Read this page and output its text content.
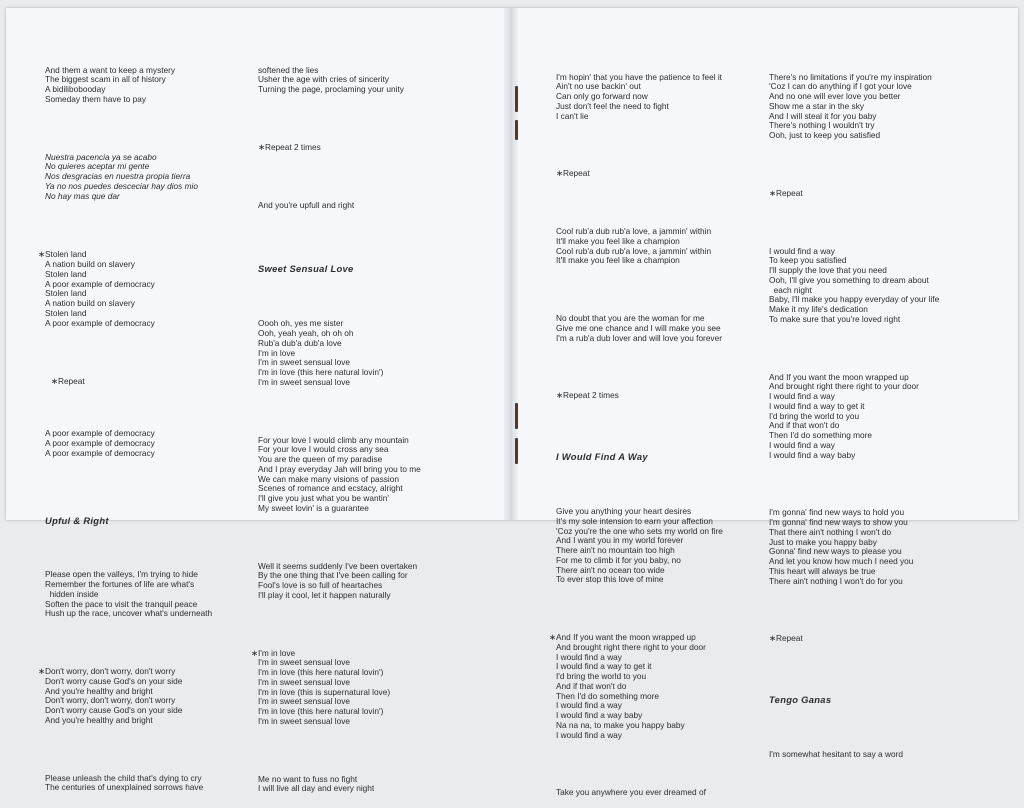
And them a want to keep a mystery
The biggest scam in all of history
A bidilibobooday
Someday them have to pay

Nuestra pacencia ya se acabo
No quieres aceptar mi gente
Nos desgracias en nuestra propia tierra
Ya no nos puedes desceciar hay dios mio
No hay mas que dar

∗ Stolen land
A nation build on slavery
Stolen land
A poor example of democracy
Stolen land
A nation build on slavery
Stolen land
A poor example of democracy

∗Repeat

A poor example of democracy
A poor example of democracy
A poor example of democracy

Upful & Right

Please open the valleys, I'm trying to hide
Remember the fortunes of life are what's
hidden inside
Soften the pace to visit the tranquil peace
Hush up the race, uncover what's underneath

∗ Don't worry, don't worry, don't worry
Don't worry cause God's on your side
And you're healthy and bright
Don't worry, don't worry, don't worry
Don't worry cause God's on your side
And you're healthy and bright

Please unleash the child that's dying to cry
The centuries of unexplained sorrows have

softened the lies
Usher the age with cries of sincerity
Turning the page, proclaming your unity

∗Repeat 2 times

And you're upfull and right

Sweet Sensual Love

Oooh oh, yes me sister
Ooh, yeah yeah, oh oh oh
Rub'a dub'a dub'a love
I'm in love
I'm in sweet sensual love
I'm in love (this here natural lovin')
I'm in sweet sensual love

For your love I would climb any mountain
For your love I would cross any sea
You are the queen of my paradise
And I pray everyday Jah will bring you to me
We can make many visions of passion
Scenes of romance and ecstacy, alright
I'll give you just what you be wantin'
My sweet lovin' is a guarantee

Well it seems suddenly I've been overtaken
By the one thing that I've been calling for
Fool's love is so full of heartaches
I'll play it cool, let it happen naturally

∗ I'm in love
I'm in sweet sensual love
I'm in love (this here natural lovin')
I'm in sweet sensual love
I'm in love (this is supernatural love)
I'm in sweet sensual love
I'm in love (this here natural lovin')
I'm in sweet sensual love

Me no want to fuss no fight
I will live all day and every night

I'm hopin' that you have the patience to feel it
Ain't no use backin' out
Can only go forward now
Just don't feel the need to fight
I can't lie

∗Repeat

Cool rub'a dub rub'a love, a jammin' within
It'll make you feel like a champion
Cool rub'a dub rub'a love, a jammin' within
It'll make you feel like a champion

No doubt that you are the woman for me
Give me one chance and I will make you see
I'm a rub'a dub lover and will love you forever

∗Repeat 2 times

I Would Find A Way

Give you anything your heart desires
It's my sole intension to earn your affection
'Coz you're the one who sets my world on fire
And I want you in my world forever
There ain't no mountain too high
For me to climb it for you baby, no
There ain't no ocean too wide
To ever stop this love of mine

∗ And If you want the moon wrapped up
And brought right there right to your door
I would find a way
I would find a way to get it
I'd bring the world to you
And if that won't do
Then I'd do something more
I would find a way
I would find a way baby
Na na na, to make you happy baby
I would find a way

Take you anywhere you ever dreamed of

There's no limitations if you're my inspiration
'Coz I can do anything if I got your love
And no one will ever love you better
Show me a star in the sky
And I will steal it for you baby
There's nothing I wouldn't try
Ooh, just to keep you satisfied

∗Repeat

I would find a way
To keep you satisfied
I'll supply the love that you need
Ooh, I'll give you something to dream about
each night
Baby, I'll make you happy everyday of your life
Make it my life's dedication
To make sure that you're loved right

And If you want the moon wrapped up
And brought right there right to your door
I would find a way
I would find a way to get it
I'd bring the world to you
And if that won't do
Then I'd do something more
I would find a way
I would find a way baby

I'm gonna' find new ways to hold you
I'm gonna' find new ways to show you
That there ain't nothing I won't do
Just to make you happy baby
Gonna' find new ways to please you
And let you know how much I need you
This heart will always be true
There ain't nothing I won't do for you

∗Repeat

Tengo Ganas

I'm somewhat hesitant to say a word
